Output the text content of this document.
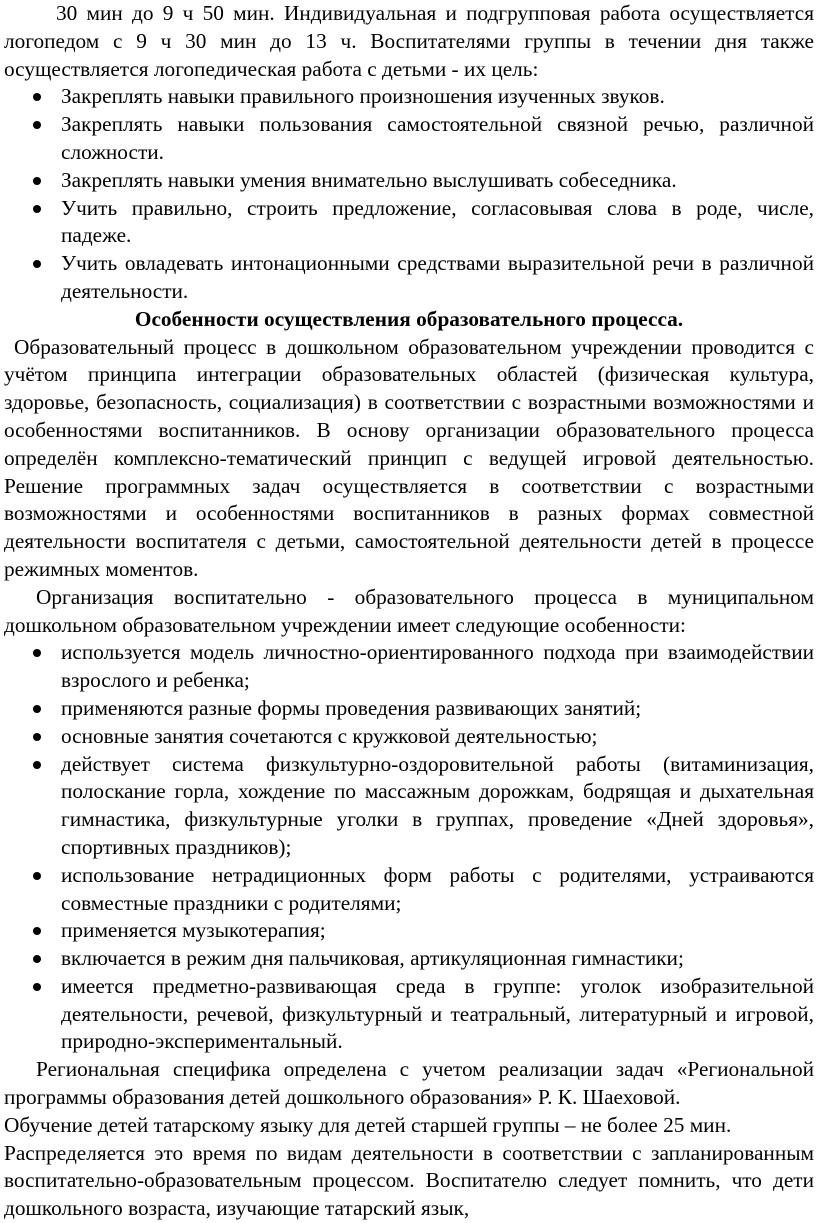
30 мин до 9 ч 50 мин. Индивидуальная и подгрупповая работа осуществляется логопедом с 9 ч 30 мин до 13 ч. Воспитателями группы в течении дня также осуществляется логопедическая работа с детьми - их цель:

Закреплять навыки правильного произношения изученных звуков.
Закреплять навыки пользования самостоятельной связной речью, различной сложности.
Закреплять навыки умения внимательно выслушивать собеседника.
Учить правильно, строить предложение, согласовывая слова в роде, числе, падеже.
Учить овладевать интонационными средствами выразительной речи в различной деятельности.

Особенности осуществления образовательного процесса.

Образовательный процесс в дошкольном образовательном учреждении проводится с учётом принципа интеграции образовательных областей (физическая культура, здоровье, безопасность, социализация) в соответствии с возрастными возможностями и особенностями воспитанников. В основу организации образовательного процесса определён комплексно-тематический принцип с ведущей игровой деятельностью. Решение программных задач осуществляется в соответствии с возрастными возможностями и особенностями воспитанников в разных формах совместной деятельности воспитателя с детьми, самостоятельной деятельности детей в процессе режимных моментов.

Организация воспитательно - образовательного процесса в муниципальном дошкольном образовательном учреждении имеет следующие особенности:

используется модель личностно-ориентированного подхода при взаимодействии взрослого и ребенка;
применяются разные формы проведения развивающих занятий;
основные занятия сочетаются с кружковой деятельностью;
действует система физкультурно-оздоровительной работы (витаминизация, полоскание горла, хождение по массажным дорожкам, бодрящая и дыхательная гимнастика, физкультурные уголки в группах, проведение «Дней здоровья», спортивных праздников);
использование нетрадиционных форм работы с родителями, устраиваются совместные праздники с родителями;
применяется музыкотерапия;
включается в режим дня пальчиковая, артикуляционная гимнастики;
имеется предметно-развивающая среда в группе: уголок изобразительной деятельности, речевой, физкультурный и театральный, литературный и игровой, природно-экспериментальный.

Региональная специфика определена с учетом реализации задач «Региональной программы образования детей дошкольного образования» Р. К. Шаеховой.

Обучение детей татарскому языку для детей старшей группы – не более 25 мин.

Распределяется это время по видам деятельности в соответствии с запланированным воспитательно-образовательным процессом. Воспитателю следует помнить, что дети дошкольного возраста, изучающие татарский язык,
